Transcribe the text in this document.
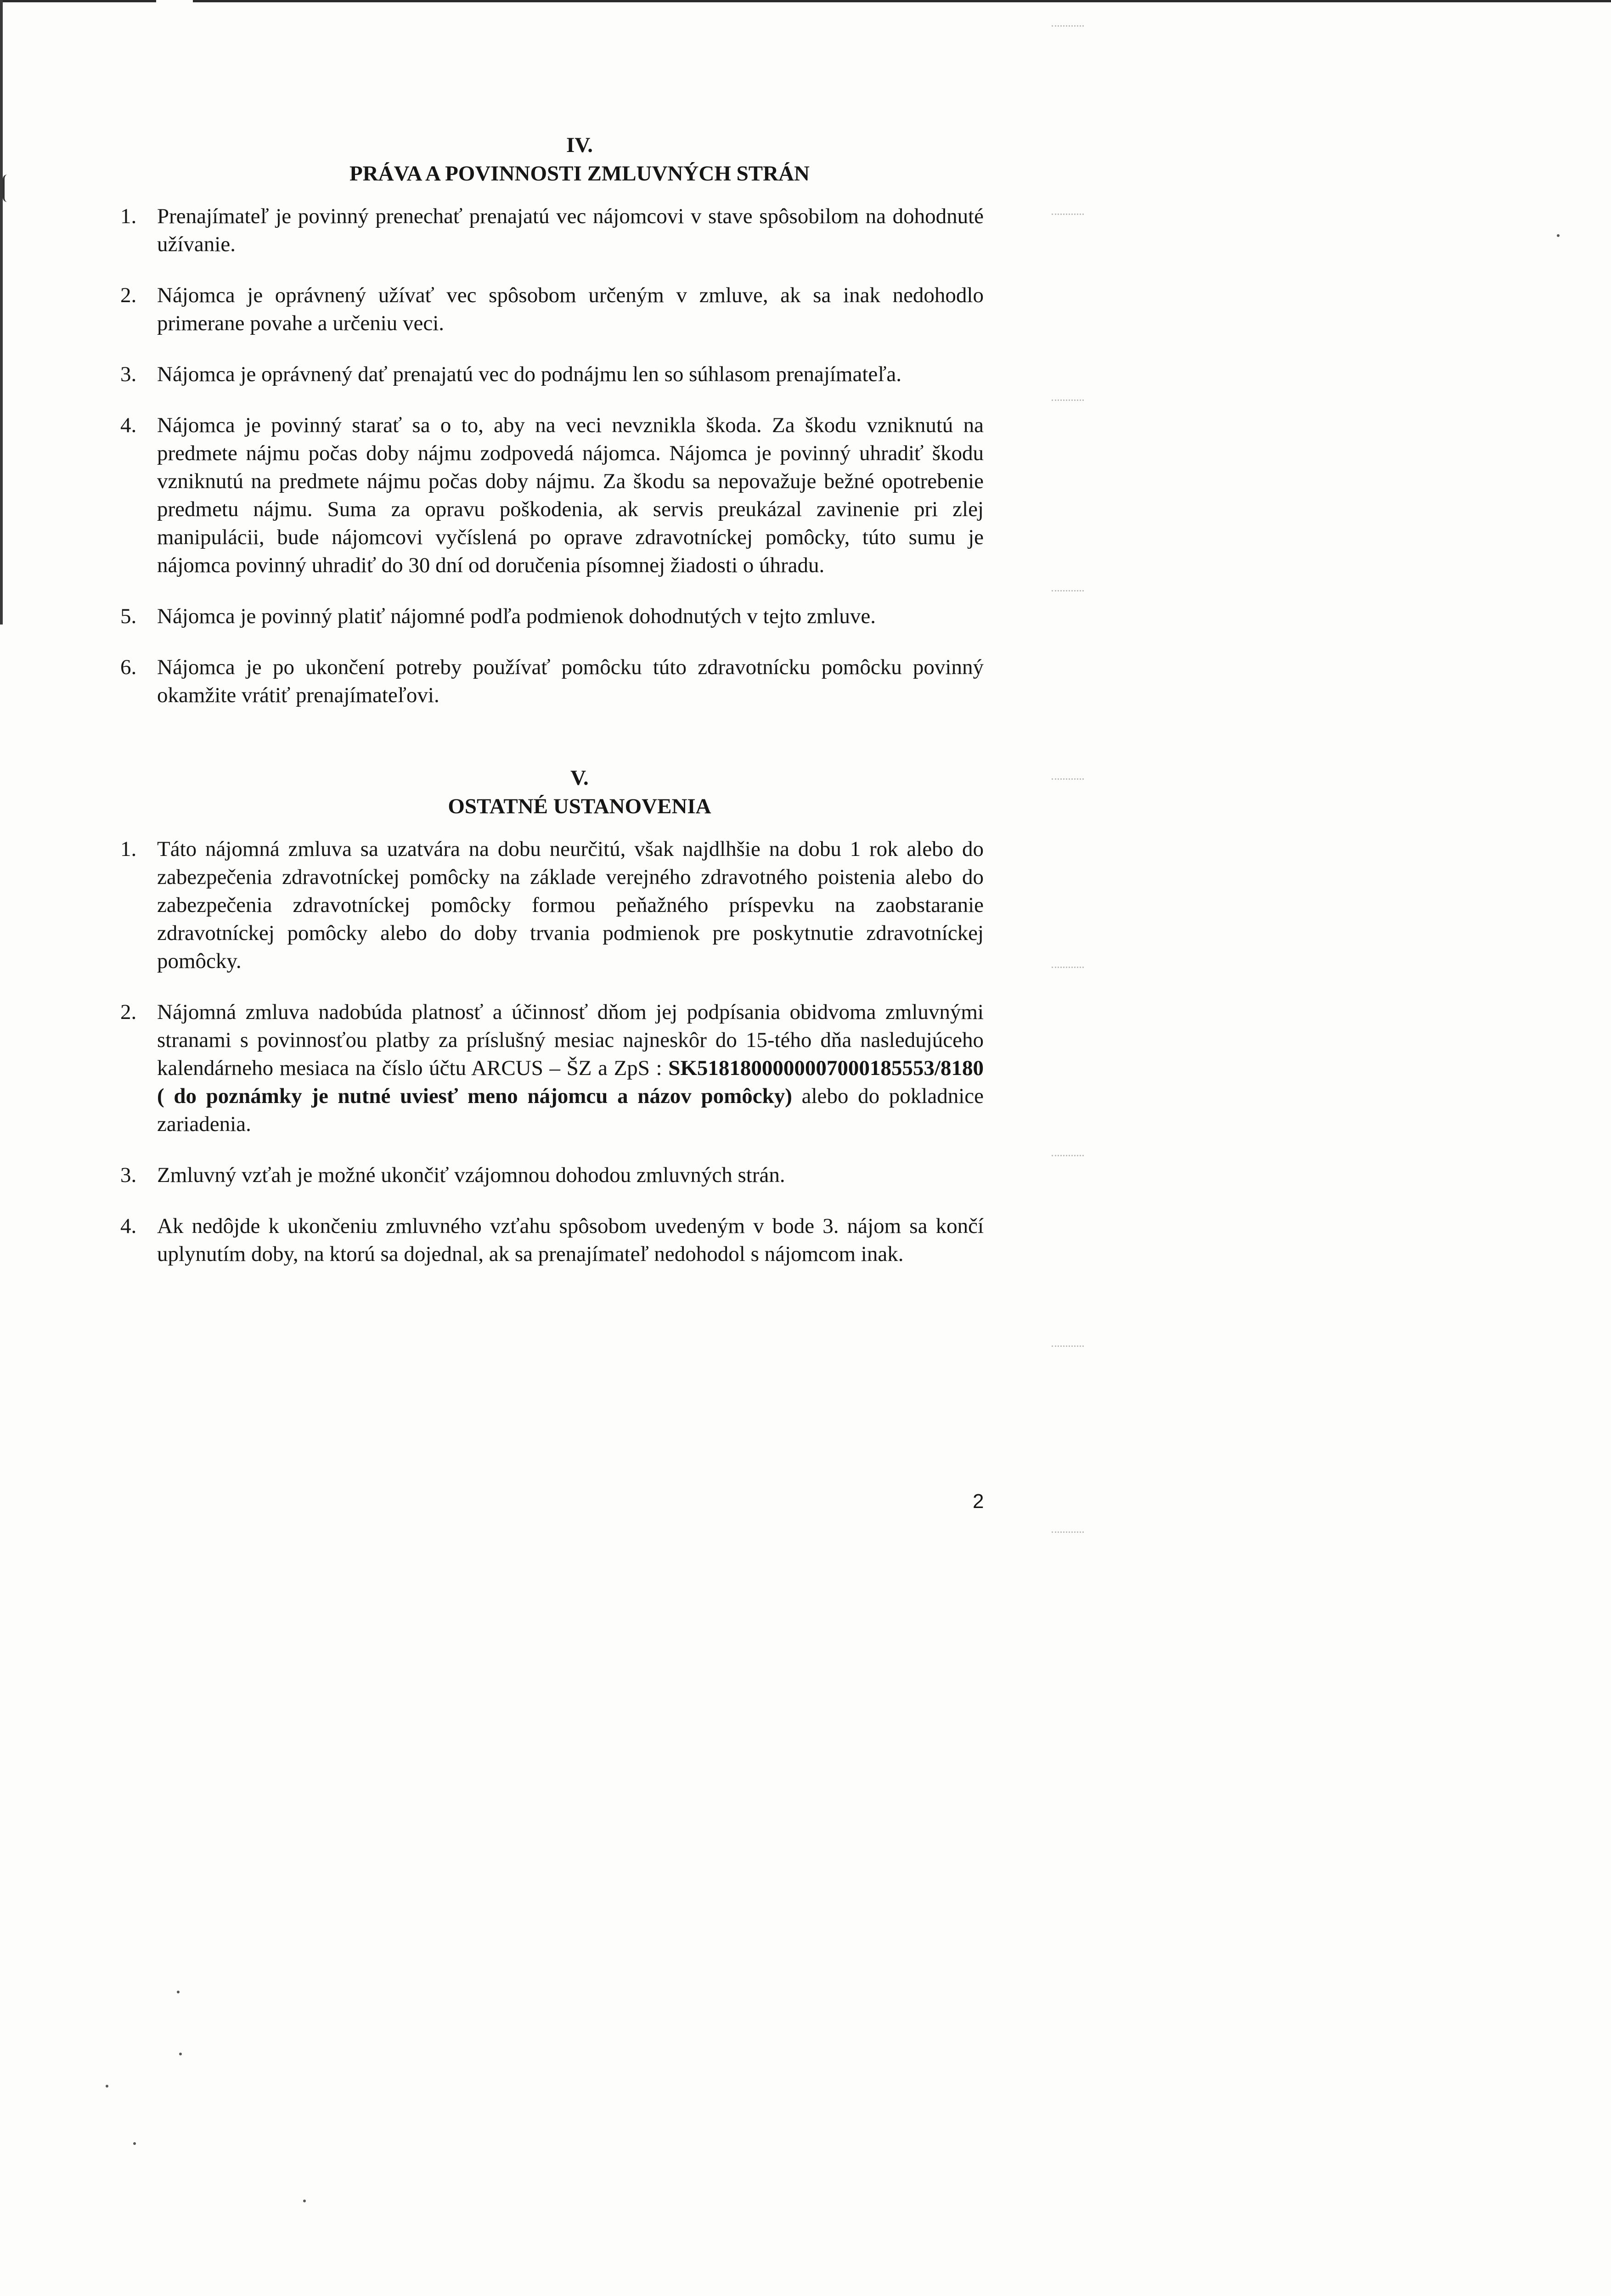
IV.

PRÁVA A POVINNOSTI ZMLUVNÝCH STRÁN

1. Prenajímateľ je povinný prenechať prenajatú vec nájomcovi v stave spôsobilom na dohodnuté užívanie.
2. Nájomca je oprávnený užívať vec spôsobom určeným v zmluve, ak sa inak nedohodlo primerane povahe a určeniu veci.
3. Nájomca je oprávnený dať prenajatú vec do podnájmu len so súhlasom prenajímateľa.
4. Nájomca je povinný starať sa o to, aby na veci nevznikla škoda. Za škodu vzniknutú na predmete nájmu počas doby nájmu zodpovedá nájomca. Nájomca je povinný uhradiť škodu vzniknutú na predmete nájmu počas doby nájmu. Za škodu sa nepovažuje bežné opotrebenie predmetu nájmu. Suma za opravu poškodenia, ak servis preukázal zavinenie pri zlej manipulácii, bude nájomcovi vyčíslená po oprave zdravotníckej pomôcky, túto sumu je nájomca povinný uhradiť do 30 dní od doručenia písomnej žiadosti o úhradu.
5. Nájomca je povinný platiť nájomné podľa podmienok dohodnutých v tejto zmluve.
6. Nájomca je po ukončení potreby používať pomôcku túto zdravotnícku pomôcku povinný okamžite vrátiť prenajímateľovi.

V.

OSTATNÉ USTANOVENIA

1. Táto nájomná zmluva sa uzatvára na dobu neurčitú, však najdlhšie na dobu 1 rok alebo do zabezpečenia zdravotníckej pomôcky na základe verejného zdravotného poistenia alebo do zabezpečenia zdravotníckej pomôcky formou peňažného príspevku na zaobstaranie zdravotníckej pomôcky alebo do doby trvania podmienok pre poskytnutie zdravotníckej pomôcky.
2. Nájomná zmluva nadobúda platnosť a účinnosť dňom jej podpísania obidvoma zmluvnými stranami s povinnosťou platby za príslušný mesiac najneskôr do 15-tého dňa nasledujúceho kalendárneho mesiaca na číslo účtu ARCUS – ŠZ a ZpS : SK5181800000007000185553/8180 ( do poznámky je nutné uviesť meno nájomcu a názov pomôcky) alebo do pokladnice zariadenia.
3. Zmluvný vzťah je možné ukončiť vzájomnou dohodou zmluvných strán.
4. Ak nedôjde k ukončeniu zmluvného vzťahu spôsobom uvedeným v bode 3. nájom sa končí uplynutím doby, na ktorú sa dojednal, ak sa prenajímateľ nedohodol s nájomcom inak.
2
